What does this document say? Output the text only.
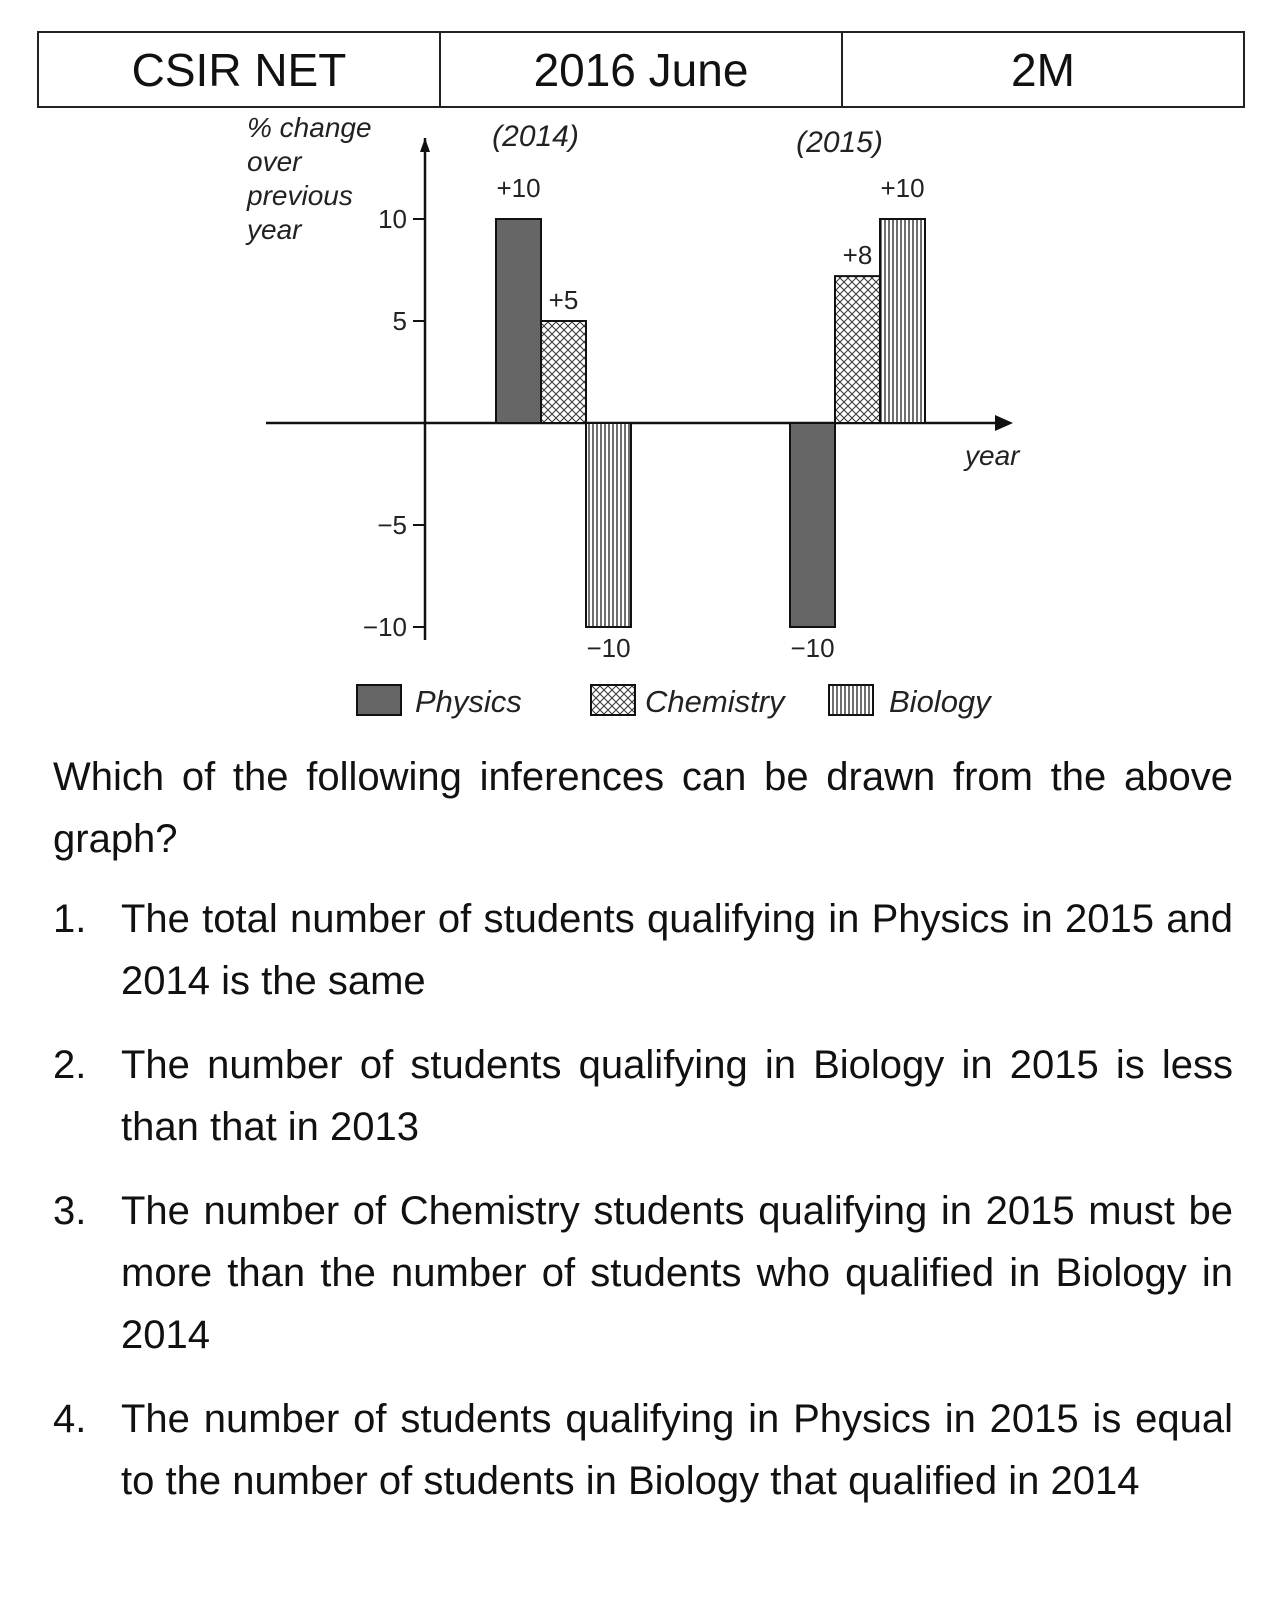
CSIR NET	2016 June	2M
10
5
−5
−10
% change
over
previous
year
year
(2014)	(2015)
+10
−10
+5
+8
−10
+10
Physics	Chemistry	Biology

Which of the following inferences can be drawn from the above graph?

1. The total number of students qualifying in Physics in 2015 and 2014 is the same
2. The number of students qualifying in Biology in 2015 is less than that in 2013
3. The number of Chemistry students qualifying in 2015 must be more than the number of students who qualified in Biology in 2014
4. The number of students qualifying in Physics in 2015 is equal to the number of students in Biology that qualified in 2014
